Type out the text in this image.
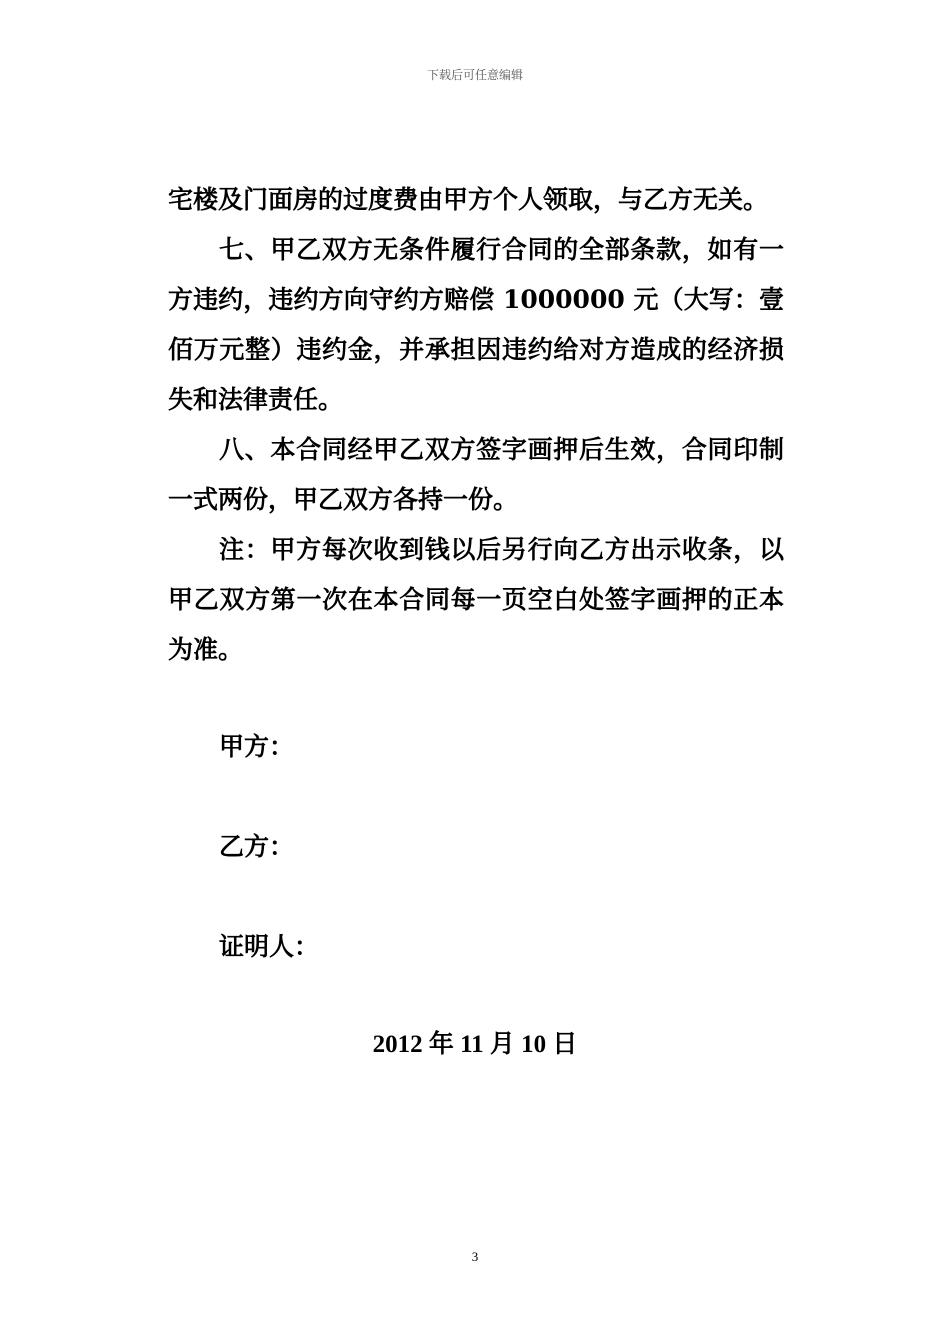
下载后可任意编辑

宅楼及门面房的过度费由甲方个人领取，与乙方无关。

七、甲乙双方无条件履行合同的全部条款，如有一方违约，违约方向守约方赔偿 1000000 元（大写：壹佰万元整）违约金，并承担因违约给对方造成的经济损失和法律责任。

八、本合同经甲乙双方签字画押后生效，合同印制一式两份，甲乙双方各持一份。

注：甲方每次收到钱以后另行向乙方出示收条，以甲乙双方第一次在本合同每一页空白处签字画押的正本为准。

甲方：
乙方：
证明人：
2012 年 11 月 10 日
3
